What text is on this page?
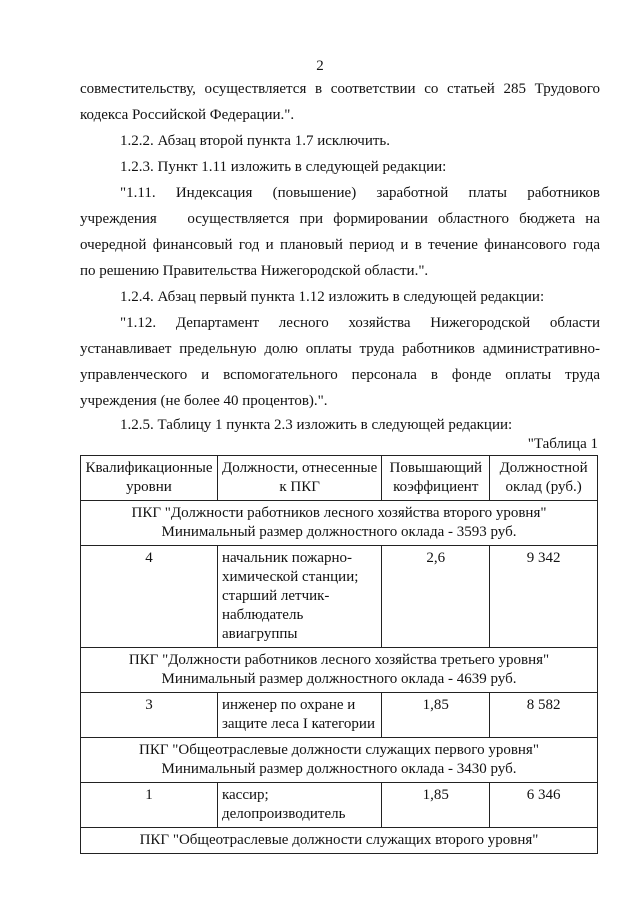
2

совместительству, осуществляется в соответствии со статьей 285 Трудового

кодекса Российской Федерации.".

1.2.2. Абзац второй пункта 1.7 исключить.

1.2.3. Пункт 1.11 изложить в следующей редакции:

"1.11. Индексация (повышение) заработной платы работников

учреждения   осуществляется при формировании областного бюджета на

очередной финансовый год и плановый период и в течение финансового года

по решению Правительства Нижегородской области.".

1.2.4. Абзац первый пункта 1.12 изложить в следующей редакции:

"1.12. Департамент лесного хозяйства Нижегородской области

устанавливает предельную долю оплаты труда работников административно-

управленческого и вспомогательного персонала в фонде оплаты труда

учреждения (не более 40 процентов).".

1.2.5. Таблицу 1 пункта 2.3 изложить в следующей редакции:

"Таблица 1
Квалификационные
уровни	Должности, отнесенные
к ПКГ	Повышающий
коэффициент	Должностной
оклад (руб.)
ПКГ "Должности работников лесного хозяйства второго уровня"
Минимальный размер должностного оклада - 3593 руб.			
4	начальник пожарно-
химической станции;
старший летчик-
наблюдатель
авиагруппы	2,6	9 342
ПКГ "Должности работников лесного хозяйства третьего уровня"
Минимальный размер должностного оклада - 4639 руб.			
3	инженер по охране и
защите леса I категории	1,85	8 582
ПКГ "Общеотраслевые должности служащих первого уровня"
Минимальный размер должностного оклада - 3430 руб.			
1	кассир;
делопроизводитель	1,85	6 346
ПКГ "Общеотраслевые должности служащих второго уровня"			
